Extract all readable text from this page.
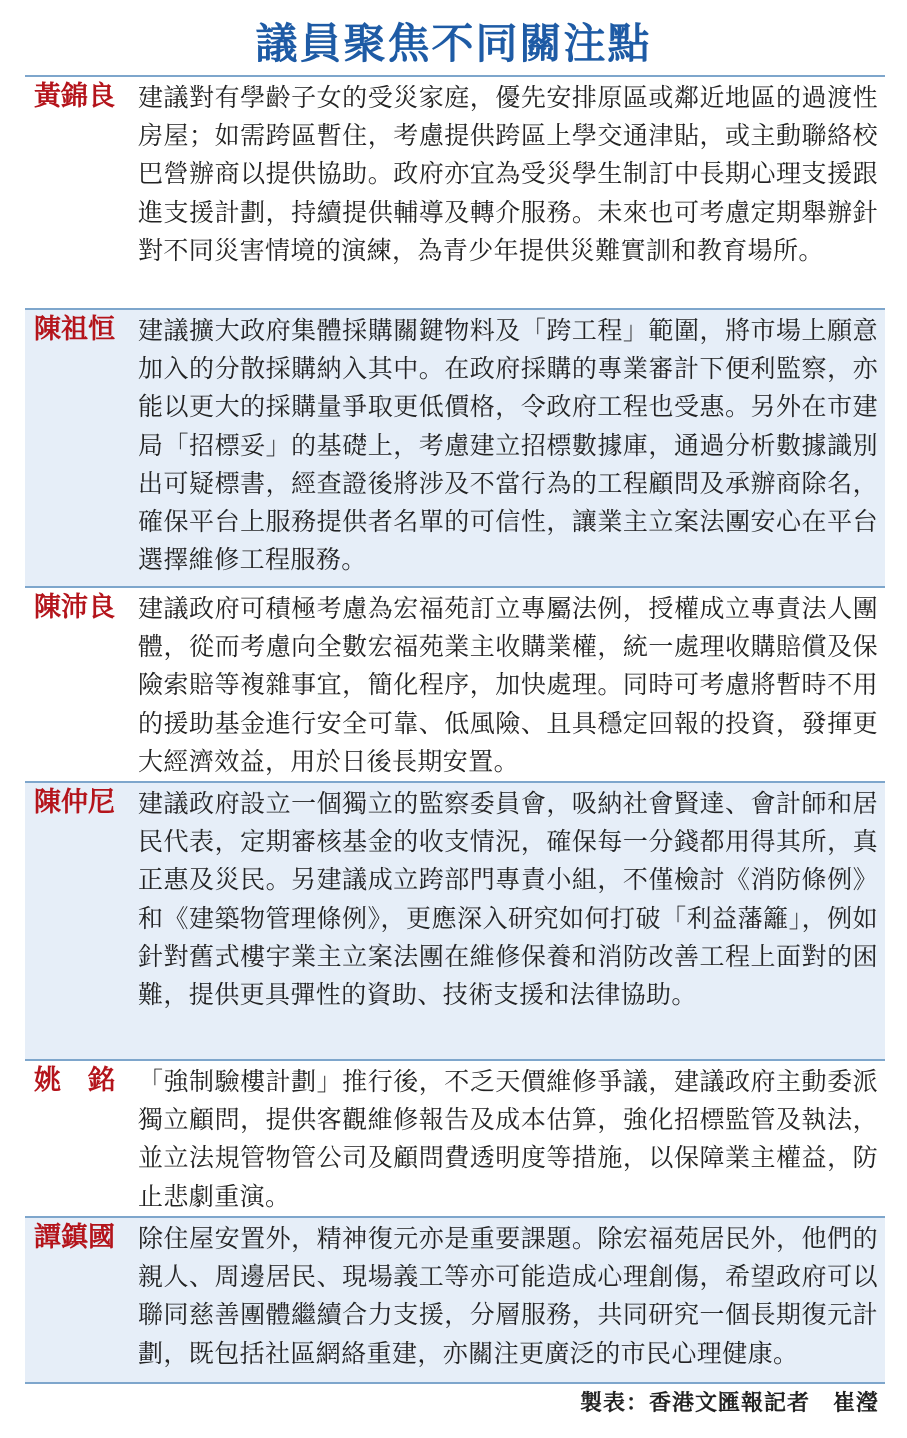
議員聚焦不同關注點
黃錦良 建議對有學齡子女的受災家庭，優先安排原區或鄰近地區的過渡性房屋；如需跨區暫住，考慮提供跨區上學交通津貼，或主動聯絡校巴營辦商以提供協助。政府亦宜為受災學生制訂中長期心理支援跟進支援計劃，持續提供輔導及轉介服務。未來也可考慮定期舉辦針對不同災害情境的演練，為青少年提供災難實訓和教育場所。
陳祖恒 建議擴大政府集體採購關鍵物料及「跨工程」範圍，將市場上願意加入的分散採購納入其中。在政府採購的專業審計下便利監察，亦能以更大的採購量爭取更低價格，令政府工程也受惠。另外在市建局「招標妥」的基礎上，考慮建立招標數據庫，通過分析數據識別出可疑標書，經查證後將涉及不當行為的工程顧問及承辦商除名，確保平台上服務提供者名單的可信性，讓業主立案法團安心在平台選擇維修工程服務。
陳沛良 建議政府可積極考慮為宏福苑訂立專屬法例，授權成立專責法人團體，從而考慮向全數宏福苑業主收購業權，統一處理收購賠償及保險索賠等複雜事宜，簡化程序，加快處理。同時可考慮將暫時不用的援助基金進行安全可靠、低風險、且具穩定回報的投資，發揮更大經濟效益，用於日後長期安置。
陳仲尼 建議政府設立一個獨立的監察委員會，吸納社會賢達、會計師和居民代表，定期審核基金的收支情況，確保每一分錢都用得其所，真正惠及災民。另建議成立跨部門專責小組，不僅檢討《消防條例》和《建築物管理條例》，更應深入研究如何打破「利益藩籬」，例如針對舊式樓宇業主立案法團在維修保養和消防改善工程上面對的困難，提供更具彈性的資助、技術支援和法律協助。
姚　銘 「強制驗樓計劃」推行後，不乏天價維修爭議，建議政府主動委派獨立顧問，提供客觀維修報告及成本估算，強化招標監管及執法，並立法規管物管公司及顧問費透明度等措施，以保障業主權益，防止悲劇重演。
譚鎮國 除住屋安置外，精神復元亦是重要課題。除宏福苑居民外，他們的親人、周邊居民、現場義工等亦可能造成心理創傷，希望政府可以聯同慈善團體繼續合力支援，分層服務，共同研究一個長期復元計劃，既包括社區網絡重建，亦關注更廣泛的市民心理健康。
製表：香港文匯報記者　崔瀅
